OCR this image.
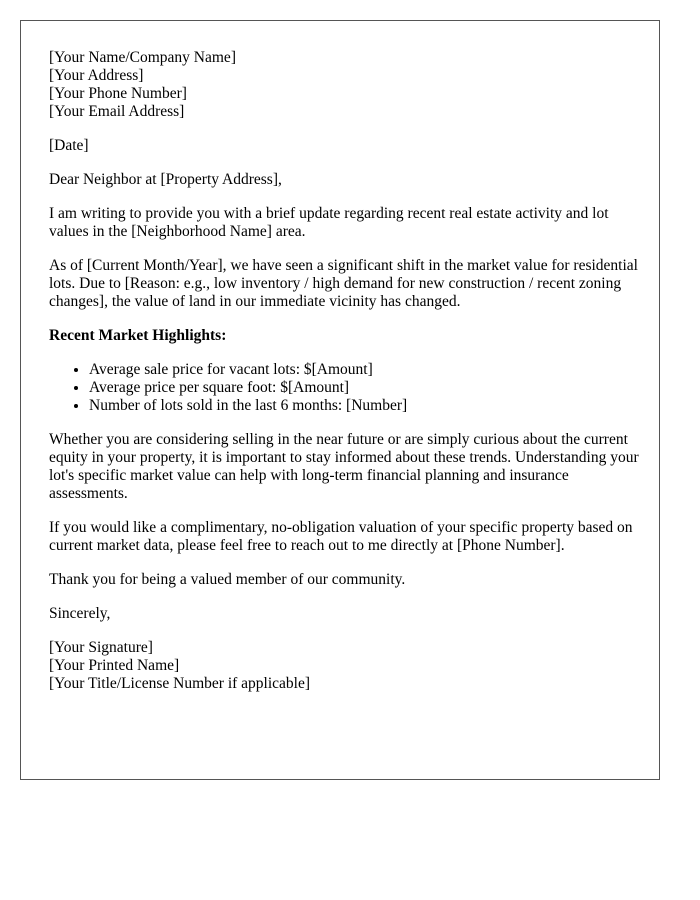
[Your Name/Company Name]
[Your Address]
[Your Phone Number]
[Your Email Address]

[Date]

Dear Neighbor at [Property Address],

I am writing to provide you with a brief update regarding recent real estate activity and lot values in the [Neighborhood Name] area.

As of [Current Month/Year], we have seen a significant shift in the market value for residential lots. Due to [Reason: e.g., low inventory / high demand for new construction / recent zoning changes], the value of land in our immediate vicinity has changed.

Recent Market Highlights:

• Average sale price for vacant lots: $[Amount]
• Average price per square foot: $[Amount]
• Number of lots sold in the last 6 months: [Number]

Whether you are considering selling in the near future or are simply curious about the current equity in your property, it is important to stay informed about these trends. Understanding your lot's specific market value can help with long-term financial planning and insurance assessments.

If you would like a complimentary, no-obligation valuation of your specific property based on current market data, please feel free to reach out to me directly at [Phone Number].

Thank you for being a valued member of our community.

Sincerely,

[Your Signature]
[Your Printed Name]
[Your Title/License Number if applicable]
